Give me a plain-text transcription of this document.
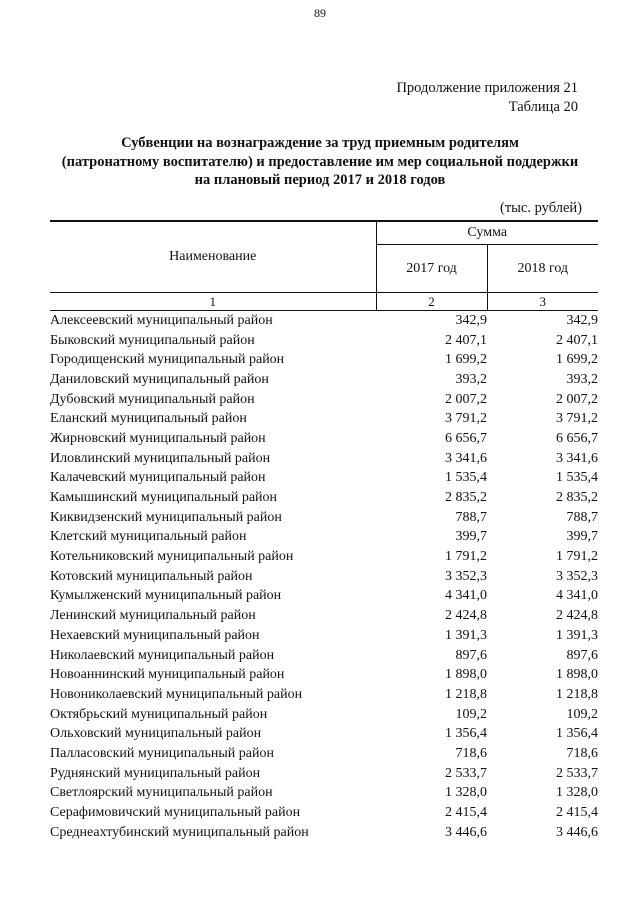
89
Продолжение приложения 21
Таблица 20
Субвенции на вознаграждение за труд приемным родителям
(патронатному воспитателю) и предоставление им мер социальной поддержки
на плановый период 2017 и 2018 годов
(тыс. рублей)
Наименование	Сумма	
	2017 год	2018 год
1	2	3
Алексеевский муниципальный район	342,9	342,9
Быковский муниципальный район	2 407,1	2 407,1
Городищенский муниципальный район	1 699,2	1 699,2
Даниловский муниципальный район	393,2	393,2
Дубовский муниципальный район	2 007,2	2 007,2
Еланский муниципальный район	3 791,2	3 791,2
Жирновский муниципальный район	6 656,7	6 656,7
Иловлинский муниципальный район	3 341,6	3 341,6
Калачевский муниципальный район	1 535,4	1 535,4
Камышинский муниципальный район	2 835,2	2 835,2
Киквидзенский муниципальный район	788,7	788,7
Клетский муниципальный район	399,7	399,7
Котельниковский муниципальный район	1 791,2	1 791,2
Котовский муниципальный район	3 352,3	3 352,3
Кумылженский муниципальный район	4 341,0	4 341,0
Ленинский муниципальный район	2 424,8	2 424,8
Нехаевский муниципальный район	1 391,3	1 391,3
Николаевский муниципальный район	897,6	897,6
Новоаннинский муниципальный район	1 898,0	1 898,0
Новониколаевский муниципальный район	1 218,8	1 218,8
Октябрьский муниципальный район	109,2	109,2
Ольховский муниципальный район	1 356,4	1 356,4
Палласовский муниципальный район	718,6	718,6
Руднянский муниципальный район	2 533,7	2 533,7
Светлоярский муниципальный район	1 328,0	1 328,0
Серафимовичский муниципальный район	2 415,4	2 415,4
Среднеахтубинский муниципальный район	3 446,6	3 446,6
